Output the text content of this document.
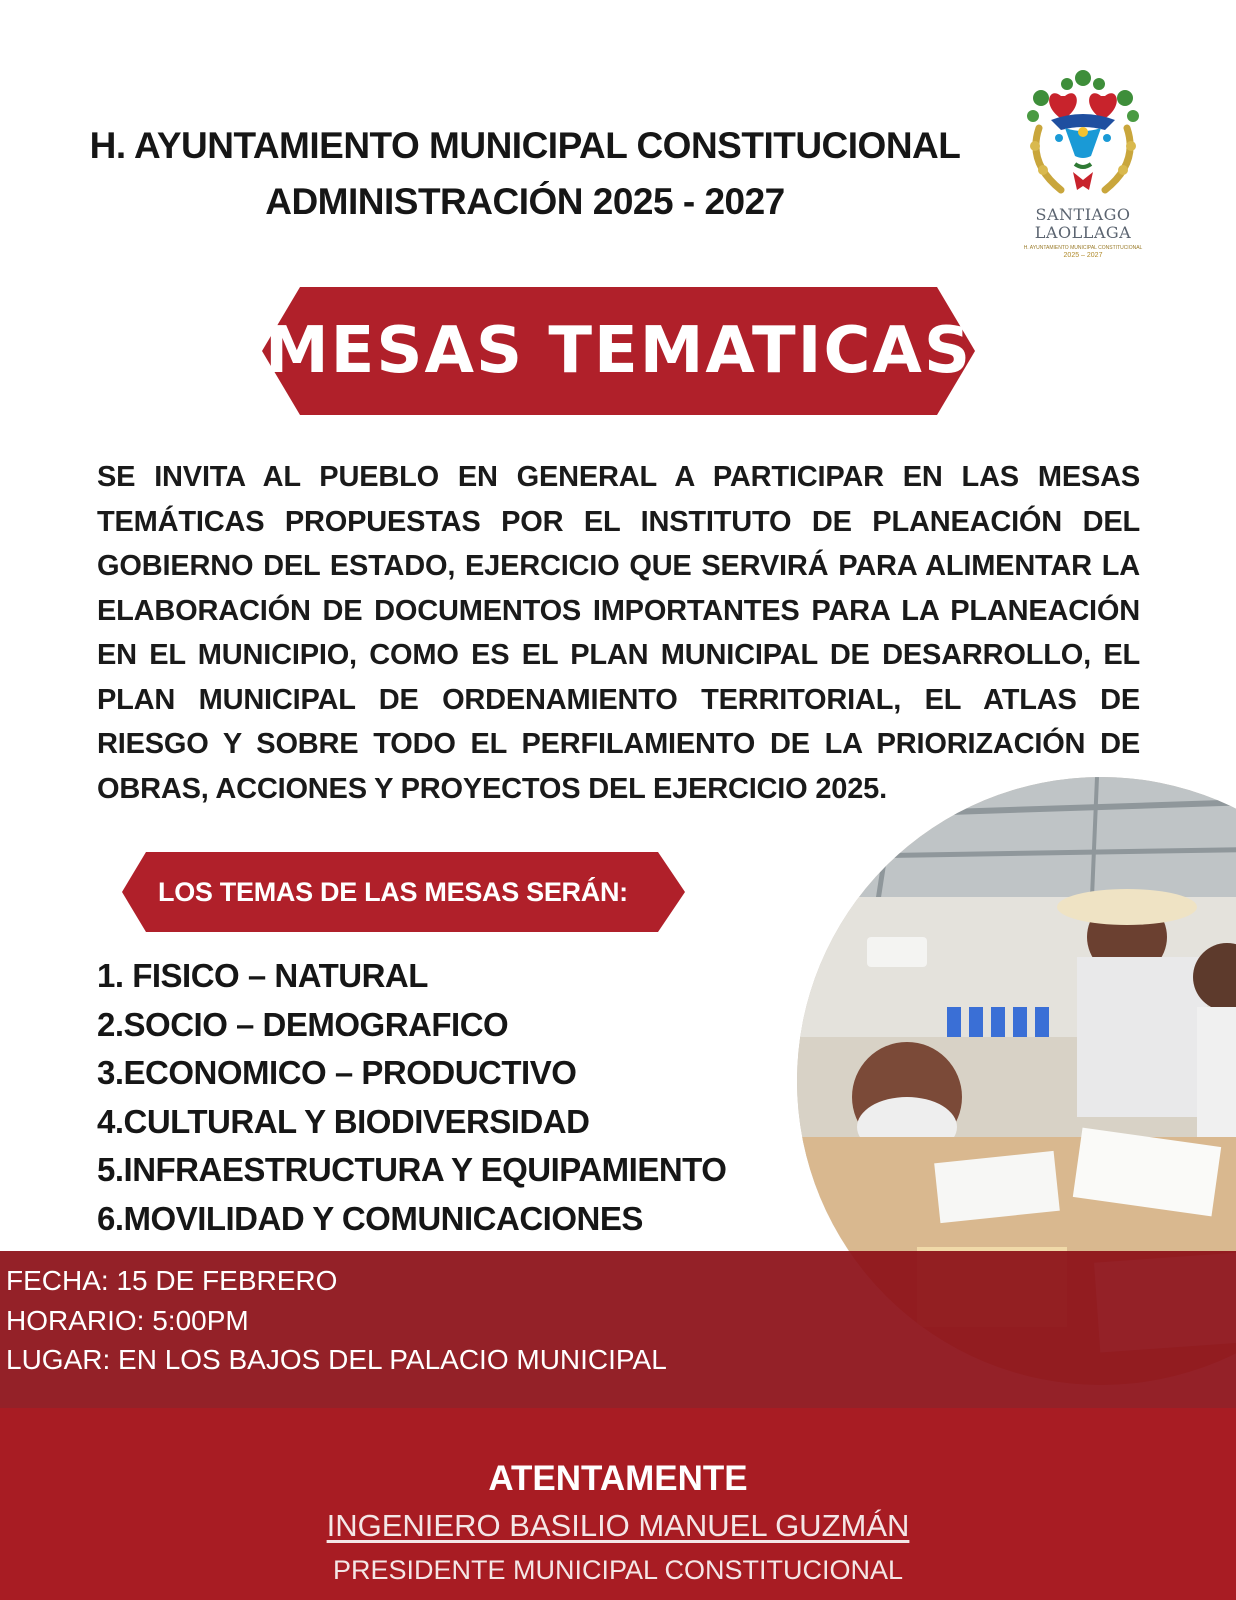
H. AYUNTAMIENTO MUNICIPAL CONSTITUCIONAL
ADMINISTRACIÓN 2025 - 2027	SANTIAGO
LAOLLAGA
H. AYUNTAMIENTO MUNICIPAL CONSTITUCIONAL
2025 – 2027
MESAS TEMATICAS

SE INVITA AL PUEBLO EN GENERAL A PARTICIPAR EN LAS MESAS TEMÁTICAS PROPUESTAS POR EL INSTITUTO DE PLANEACIÓN DEL GOBIERNO DEL ESTADO, EJERCICIO QUE SERVIRÁ PARA ALIMENTAR LA ELABORACIÓN DE DOCUMENTOS IMPORTANTES PARA LA PLANEACIÓN EN EL MUNICIPIO, COMO ES EL PLAN MUNICIPAL DE DESARROLLO, EL PLAN MUNICIPAL DE ORDENAMIENTO TERRITORIAL, EL ATLAS DE RIESGO Y SOBRE TODO EL PERFILAMIENTO DE LA PRIORIZACIÓN DE OBRAS, ACCIONES Y PROYECTOS DEL EJERCICIO 2025.

LOS TEMAS DE LAS MESAS SERÁN:
1. FISICO – NATURAL
2.SOCIO – DEMOGRAFICO
3.ECONOMICO – PRODUCTIVO
4.CULTURAL Y BIODIVERSIDAD
5.INFRAESTRUCTURA Y EQUIPAMIENTO
6.MOVILIDAD Y COMUNICACIONES
FECHA: 15 DE FEBRERO
HORARIO: 5:00PM
LUGAR: EN LOS BAJOS DEL PALACIO MUNICIPAL
ATENTAMENTE
INGENIERO BASILIO MANUEL GUZMÁN
PRESIDENTE MUNICIPAL CONSTITUCIONAL
